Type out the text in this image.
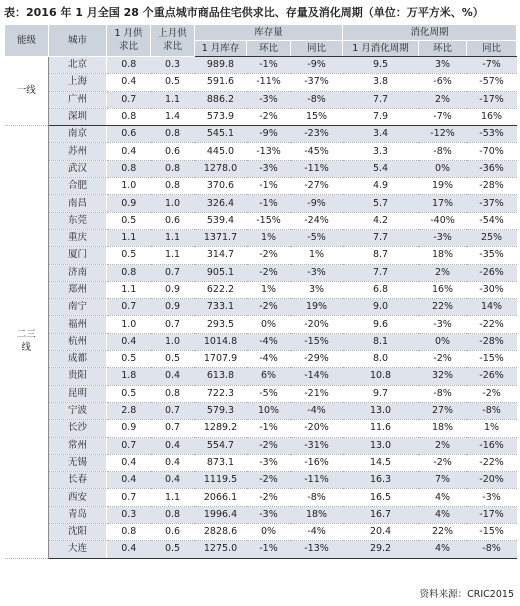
表：2016 年 1 月全国 28 个重点城市商品住宅供求比、存量及消化周期（单位：万平方米、%）
能级	城市	1 月供求比	上月供求比	库存量			消化周期		
				1 月库存	环比	同比	1 月消化周期	环比	同比
一线	北京	0.8	0.3	989.8	-1%	-9%	9.5	3%	-7%
	上海	0.4	0.5	591.6	-11%	-37%	3.8	-6%	-57%
	广州	0.7	1.1	886.2	-3%	-8%	7.7	2%	-17%
	深圳	0.8	1.4	573.9	-2%	15%	7.9	-7%	16%
二三线	南京	0.6	0.8	545.1	-9%	-23%	3.4	-12%	-53%
	苏州	0.4	0.6	445.0	-13%	-45%	3.3	-8%	-70%
	武汉	0.8	0.8	1278.0	-3%	-11%	5.4	0%	-36%
	合肥	1.0	0.8	370.6	-1%	-27%	4.9	19%	-28%
	南昌	0.9	1.0	326.4	-1%	-9%	5.7	17%	-37%
	东莞	0.5	0.6	539.4	-15%	-24%	4.2	-40%	-54%
	重庆	1.1	1.1	1371.7	1%	-5%	7.7	-3%	25%
	厦门	0.5	1.1	314.7	-2%	1%	8.7	18%	-35%
	济南	0.8	0.7	905.1	-2%	-3%	7.7	2%	-26%
	郑州	1.1	0.9	622.2	1%	3%	6.8	16%	-30%
	南宁	0.7	0.9	733.1	-2%	19%	9.0	22%	14%
	福州	1.0	0.7	293.5	0%	-20%	9.6	-3%	-22%
	杭州	0.4	1.0	1014.8	-4%	-15%	8.1	0%	-28%
	成都	0.5	0.5	1707.9	-4%	-29%	8.0	-2%	-15%
	贵阳	1.8	0.4	613.8	6%	-14%	10.8	32%	-26%
	昆明	0.5	0.8	722.3	-5%	-21%	9.7	-8%	-2%
	宁波	2.8	0.7	579.3	10%	-4%	13.0	27%	-8%
	长沙	0.9	0.7	1289.2	-1%	-20%	11.6	18%	1%
	常州	0.7	0.4	554.7	-2%	-31%	13.0	2%	-16%
	无锡	0.4	0.4	873.1	-3%	-16%	14.5	-2%	-22%
	长春	0.4	0.4	1119.5	-2%	-11%	16.3	7%	-20%
	西安	0.7	1.1	2066.1	-2%	-8%	16.5	4%	-3%
	青岛	0.3	0.8	1996.4	-3%	18%	16.7	4%	-17%
	沈阳	0.8	0.6	2828.6	0%	-4%	20.4	22%	-15%
	大连	0.4	0.5	1275.0	-1%	-13%	29.2	4%	-8%
资料来源：CRIC2015
